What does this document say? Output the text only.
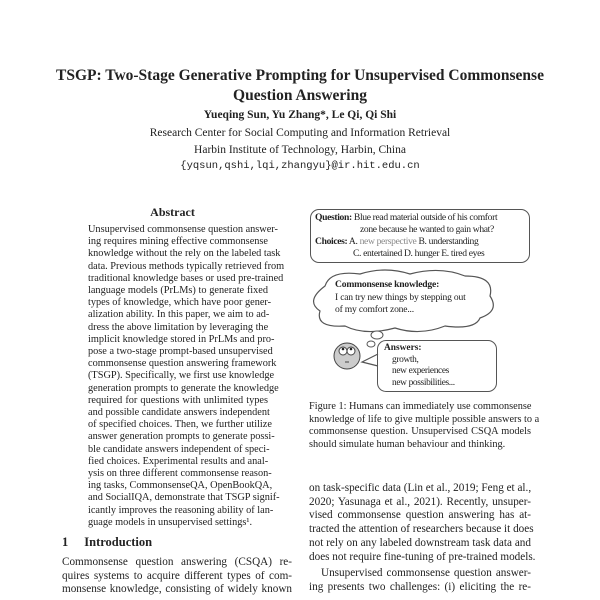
TSGP: Two-Stage Generative Prompting for Unsupervised Commonsense
Question Answering
Yueqing Sun, Yu Zhang*, Le Qi, Qi Shi
Research Center for Social Computing and Information Retrieval
Harbin Institute of Technology, Harbin, China
{yqsun,qshi,lqi,zhangyu}@ir.hit.edu.cn
Abstract
Unsupervised commonsense question answer-
ing requires mining effective commonsense
knowledge without the rely on the labeled task
data. Previous methods typically retrieved from
traditional knowledge bases or used pre-trained
language models (PrLMs) to generate fixed
types of knowledge, which have poor gener-
alization ability. In this paper, we aim to ad-
dress the above limitation by leveraging the
implicit knowledge stored in PrLMs and pro-
pose a two-stage prompt-based unsupervised
commonsense question answering framework
(TSGP). Specifically, we first use knowledge
generation prompts to generate the knowledge
required for questions with unlimited types
and possible candidate answers independent
of specified choices. Then, we further utilize
answer generation prompts to generate possi-
ble candidate answers independent of speci-
fied choices. Experimental results and anal-
ysis on three different commonsense reason-
ing tasks, CommonsenseQA, OpenBookQA,
and SocialIQA, demonstrate that TSGP signif-
icantly improves the reasoning ability of lan-
guage models in unsupervised settings¹.
1 Introduction
Commonsense question answering (CSQA) re-
quires systems to acquire different types of com-
monsense knowledge, consisting of widely known
Question: Blue read material outside of his comfort
zone because he wanted to gain what?
Choices: A. new perspective B. understanding
C. entertained D. hunger E. tired eyes
Commonsense knowledge:
I can try new things by stepping out
of my comfort zone...
Answers:
growth,
new experiences
new possibilities...
Figure 1: Humans can immediately use commonsense
knowledge of life to give multiple possible answers to a
commonsense question. Unsupervised CSQA models
should simulate human behaviour and thinking.
on task-specific data (Lin et al., 2019; Feng et al.,
2020; Yasunaga et al., 2021). Recently, unsuper-
vised commonsense question answering has at-
tracted the attention of researchers because it does
not rely on any labeled downstream task data and
does not require fine-tuning of pre-trained models.
Unsupervised commonsense question answer-
ing presents two challenges: (i) eliciting the re-
